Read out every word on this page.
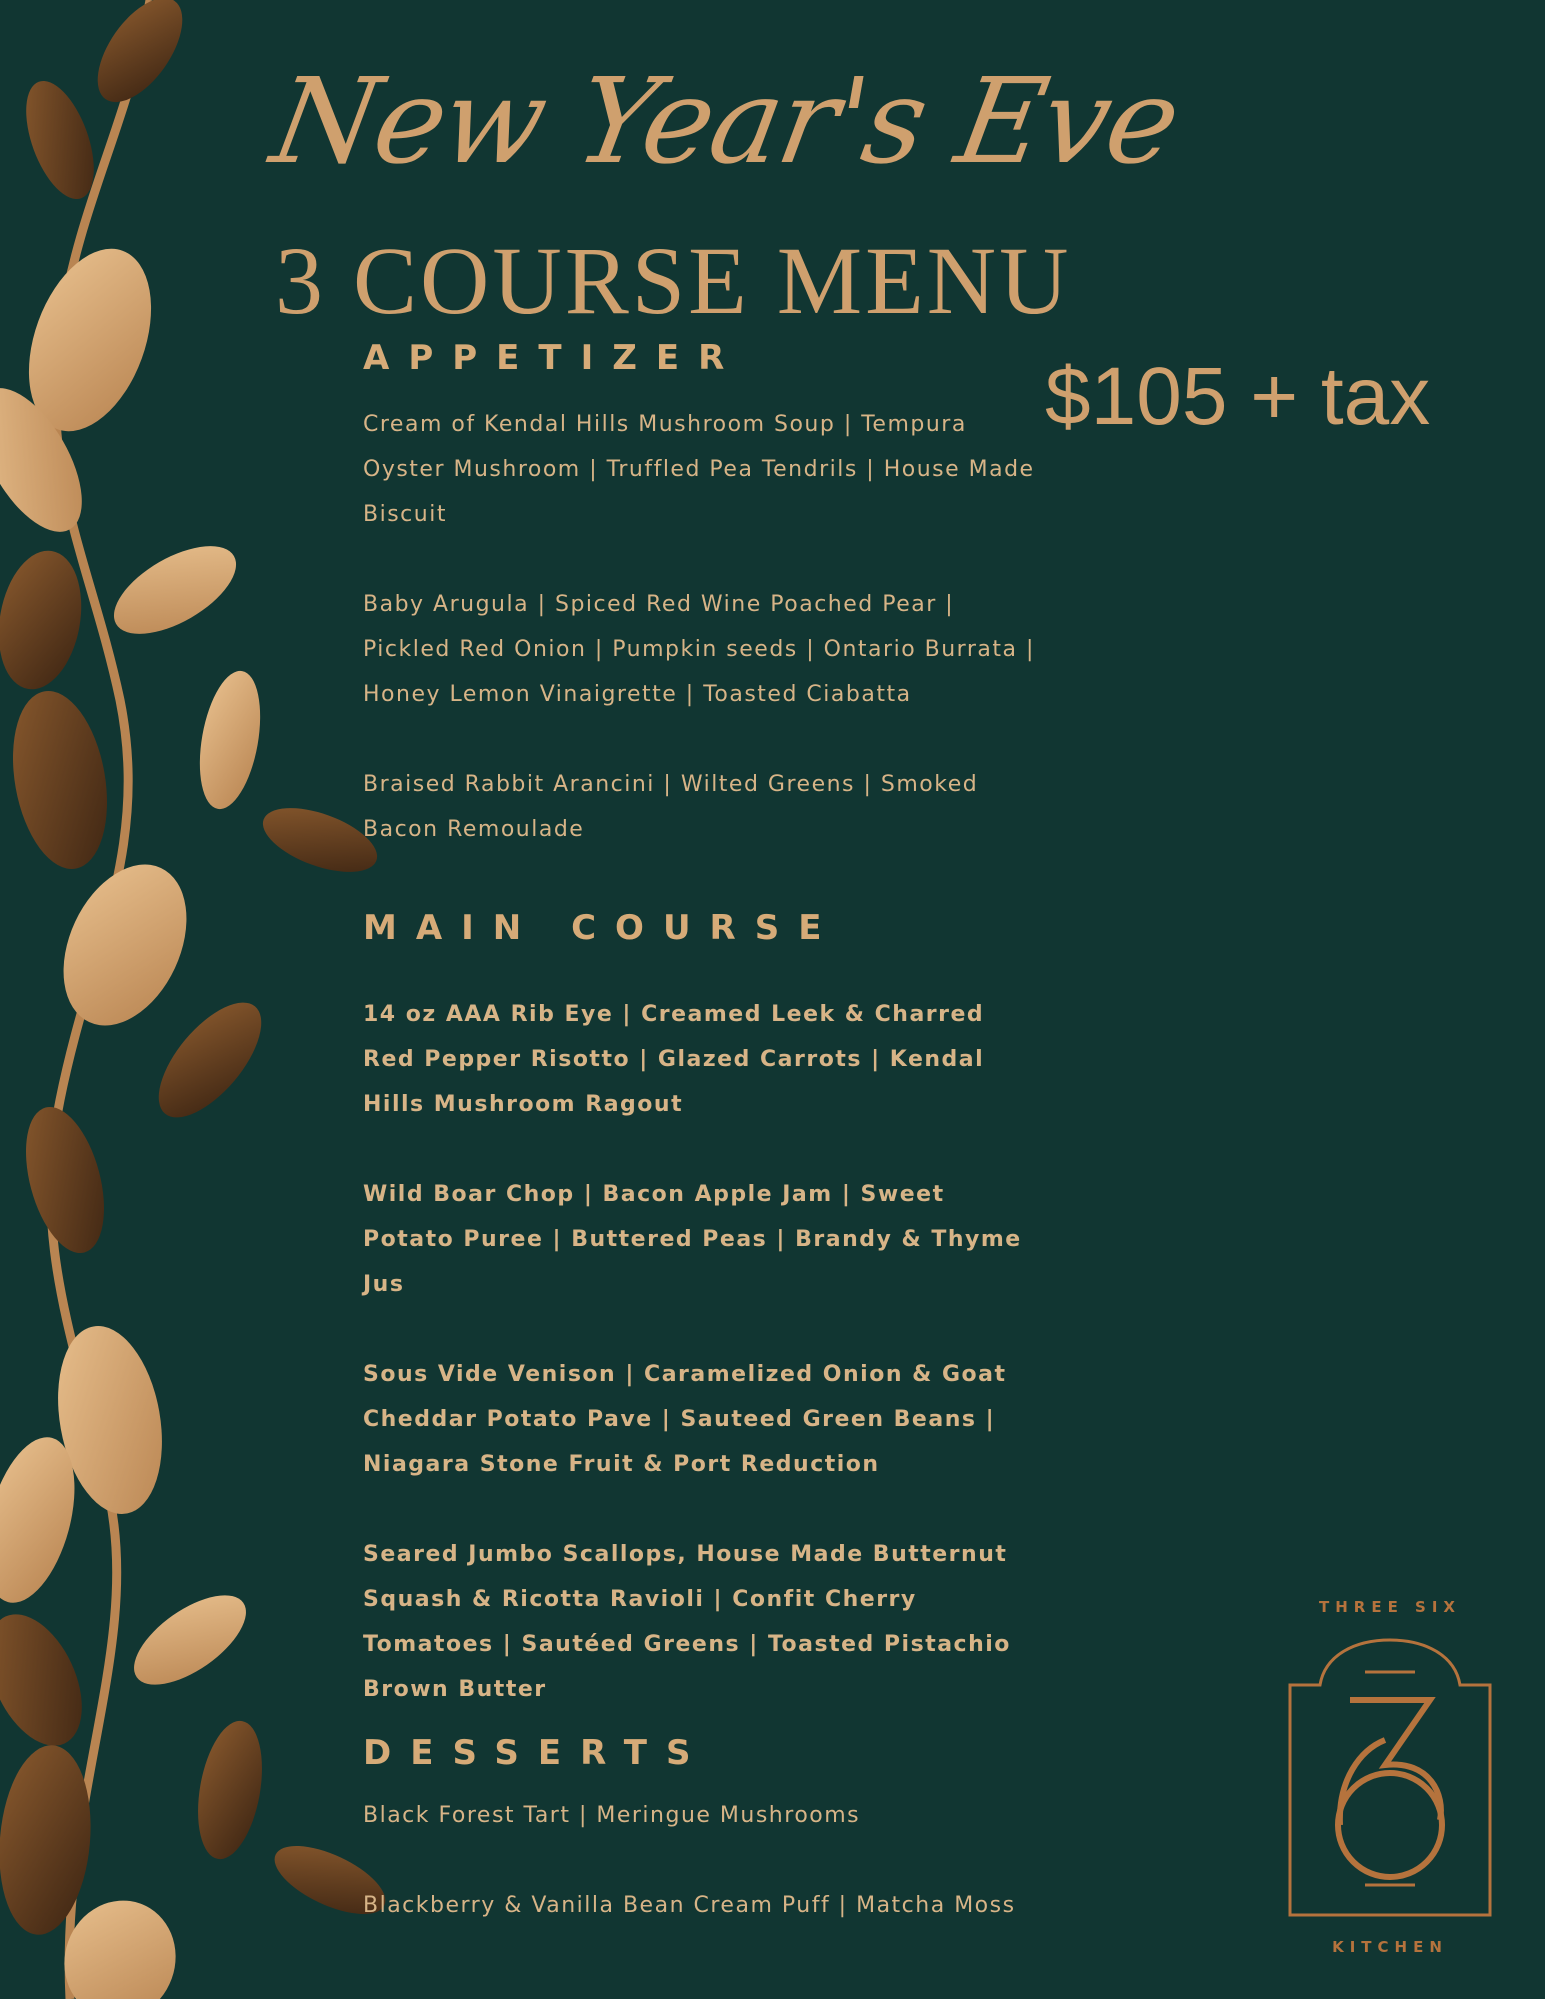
New Year's Eve
3 COURSE MENU
$105 + tax

APPETIZER

Cream of Kendal Hills Mushroom Soup | Tempura Oyster Mushroom | Truffled Pea Tendrils | House Made Biscuit

Baby Arugula | Spiced Red Wine Poached Pear | Pickled Red Onion | Pumpkin seeds | Ontario Burrata | Honey Lemon Vinaigrette | Toasted Ciabatta

Braised Rabbit Arancini | Wilted Greens | Smoked Bacon Remoulade

MAIN COURSE

14 oz AAA Rib Eye | Creamed Leek & Charred Red Pepper Risotto | Glazed Carrots | Kendal Hills Mushroom Ragout

Wild Boar Chop | Bacon Apple Jam | Sweet Potato Puree | Buttered Peas | Brandy & Thyme Jus

Sous Vide Venison | Caramelized Onion & Goat Cheddar Potato Pave | Sauteed Green Beans | Niagara Stone Fruit & Port Reduction

Seared Jumbo Scallops, House Made Butternut Squash & Ricotta Ravioli | Confit Cherry Tomatoes | Sautéed Greens | Toasted Pistachio Brown Butter

DESSERTS

Black Forest Tart | Meringue Mushrooms

Blackberry & Vanilla Bean Cream Puff | Matcha Moss

THREE SIX
KITCHEN
